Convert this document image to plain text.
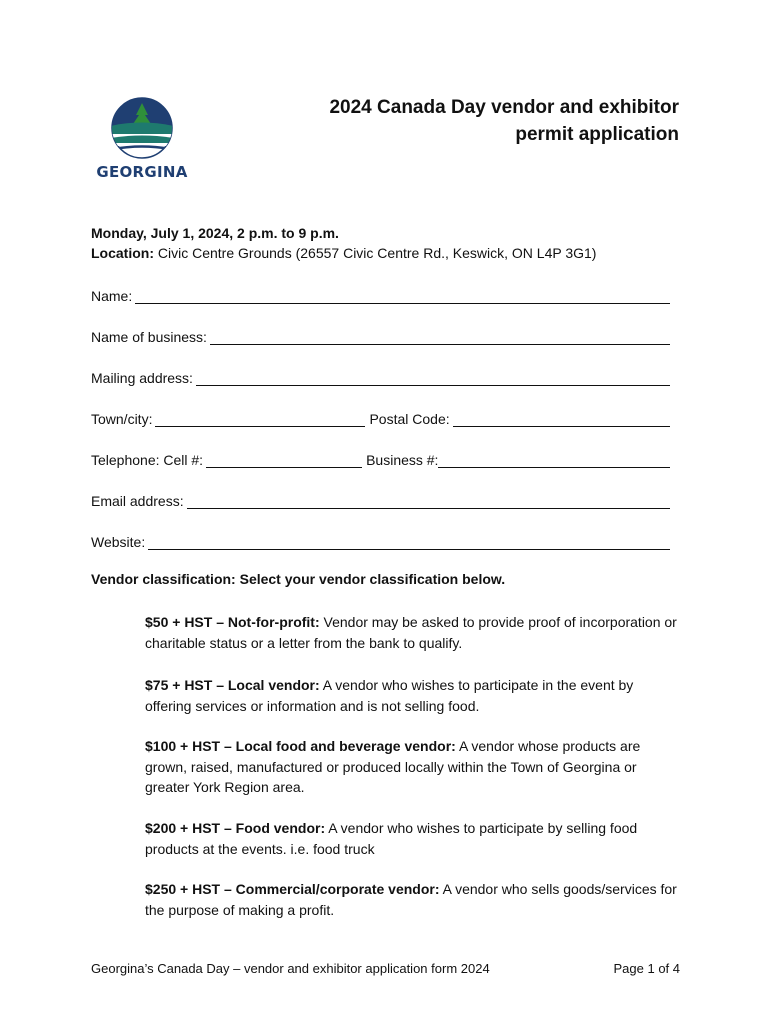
GEORGINA
2024 Canada Day vendor and exhibitor
permit application
Monday, July 1, 2024, 2 p.m. to 9 p.m.
Location: Civic Centre Grounds (26557 Civic Centre Rd., Keswick, ON L4P 3G1)
Name:
Name of business:
Mailing address:
Town/city:	Postal Code:
Telephone: Cell #:	Business #:
Email address:
Website:
Vendor classification: Select your vendor classification below.
$50 + HST – Not-for-profit: Vendor may be asked to provide proof of incorporation or charitable status or a letter from the bank to qualify.
$75 + HST – Local vendor: A vendor who wishes to participate in the event by offering services or information and is not selling food.
$100 + HST – Local food and beverage vendor: A vendor whose products are grown, raised, manufactured or produced locally within the Town of Georgina or greater York Region area.
$200 + HST – Food vendor: A vendor who wishes to participate by selling food products at the events. i.e. food truck
$250 + HST – Commercial/corporate vendor: A vendor who sells goods/services for the purpose of making a profit.
Georgina’s Canada Day – vendor and exhibitor application form 2024	Page 1 of 4
